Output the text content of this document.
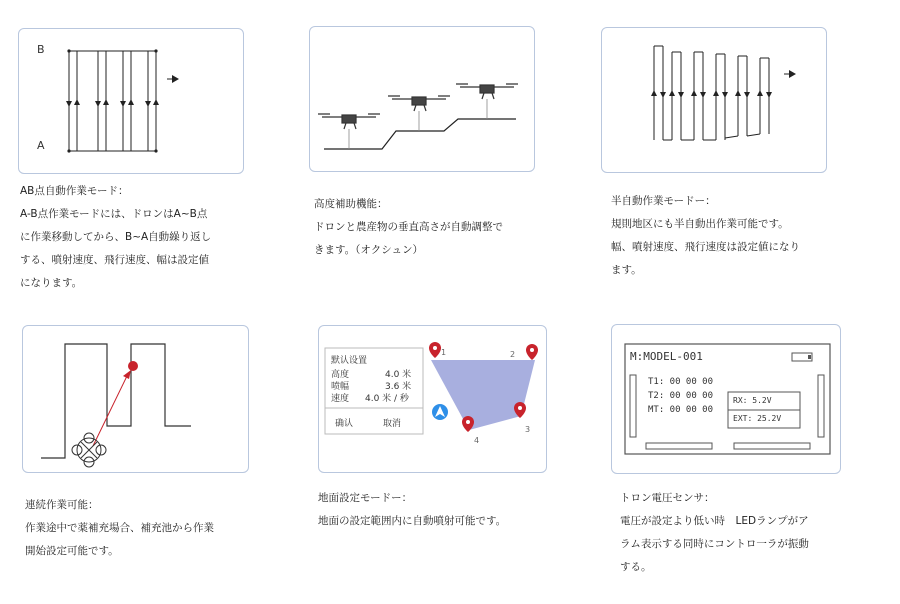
B
A
AB点自動作業モード：
A-B点作業モードには、ドロンはA~B点
に作業移動してから、B~A自動繰り返し
する、噴射速度、飛行速度、幅は設定値
になります。
高度補助機能：
ドロンと農産物の垂直高さが自動調整で
きます。（オクシュン）
半自動作業モードー：
規則地区にも半自動出作業可能です。
幅、噴射速度、飛行速度は設定値になり
ます。
連続作業可能：
作業途中で薬補充場合、補充池から作業
開始設定可能です。
默认设置
高度	4.0 米
喷幅	3.6 米
速度 4.0 米 / 秒
确认	取消
1	2
3
4
地面設定モードー：
地面の設定範囲内に自動噴射可能です。
M:MODEL-001
T1: 00 00 00
T2: 00 00 00
MT: 00 00 00
RX: 5.2V
EXT: 25.2V
トロン電圧センサ：
電圧が設定より低い時　LEDランプがア
ラム表示する同時にコントロ一ラが振動
する。
